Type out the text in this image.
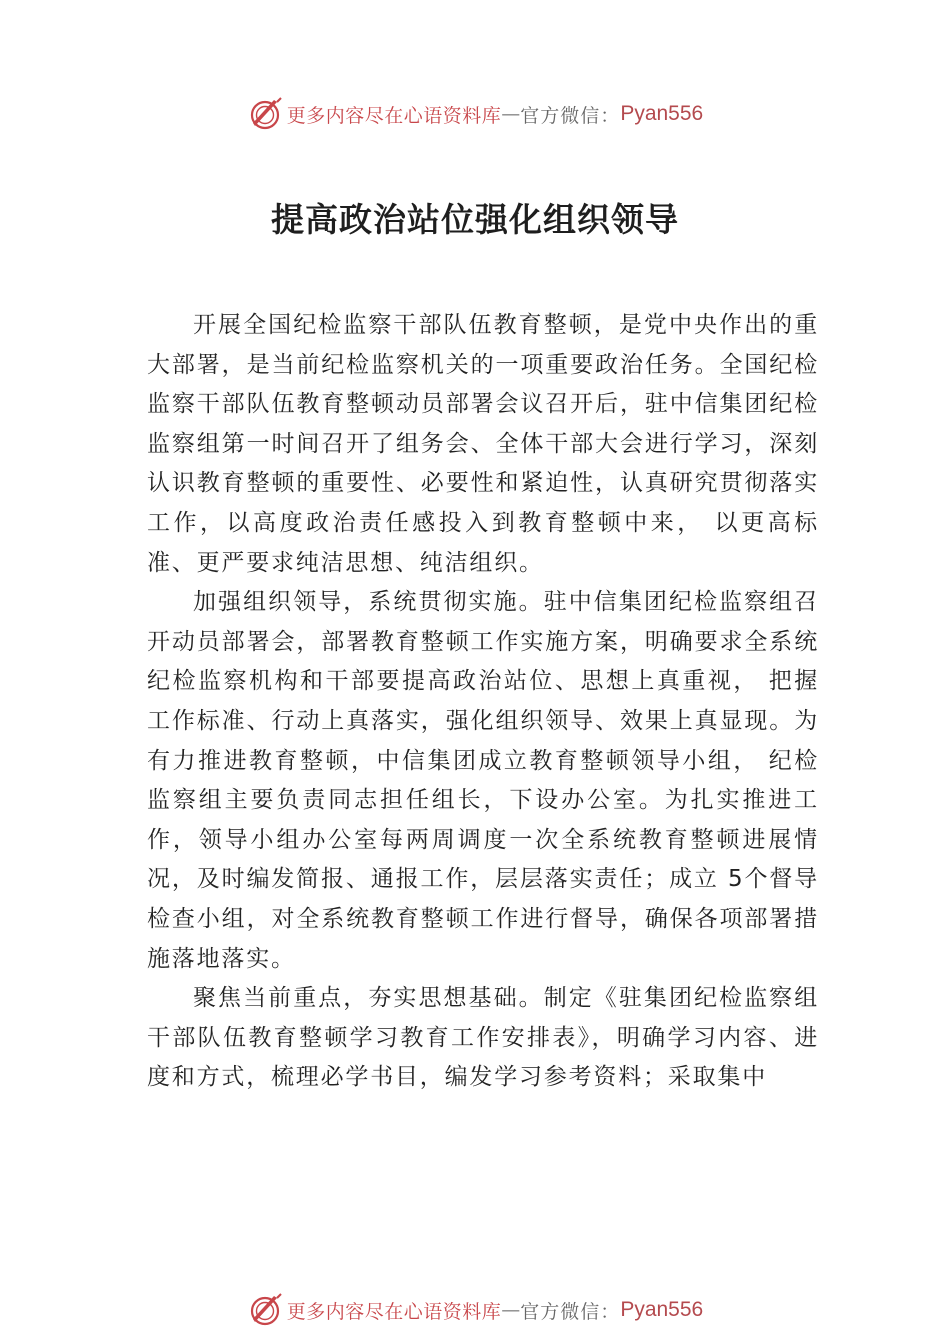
更多内容尽在心语资料库 — 官方微信： Pyan556
提高政治站位强化组织领导

开展全国纪检监察干部队伍教育整顿，是党中央作出的重大部署，是当前纪检监察机关的一项重要政治任务。全国纪检监察干部队伍教育整顿动员部署会议召开后，驻中信集团纪检监察组第一时间召开了组务会、全体干部大会进行学习，深刻认识教育整顿的重要性、必要性和紧迫性，认真研究贯彻落实工作，以高度政治责任感投入到教育整顿中来， 以更高标准、更严要求纯洁思想、纯洁组织。

加强组织领导，系统贯彻实施。驻中信集团纪检监察组召开动员部署会，部署教育整顿工作实施方案，明确要求全系统纪检监察机构和干部要提高政治站位、思想上真重视， 把握工作标准、行动上真落实，强化组织领导、效果上真显现。为有力推进教育整顿，中信集团成立教育整顿领导小组， 纪检监察组主要负责同志担任组长，下设办公室。为扎实推进工作，领导小组办公室每两周调度一次全系统教育整顿进展情况，及时编发简报、通报工作，层层落实责任；成立 5个督导检查小组，对全系统教育整顿工作进行督导，确保各项部署措施落地落实。

聚焦当前重点，夯实思想基础。制定《驻集团纪检监察组干部队伍教育整顿学习教育工作安排表》，明确学习内容、进度和方式，梳理必学书目，编发学习参考资料；采取集中

更多内容尽在心语资料库 — 官方微信： Pyan556
